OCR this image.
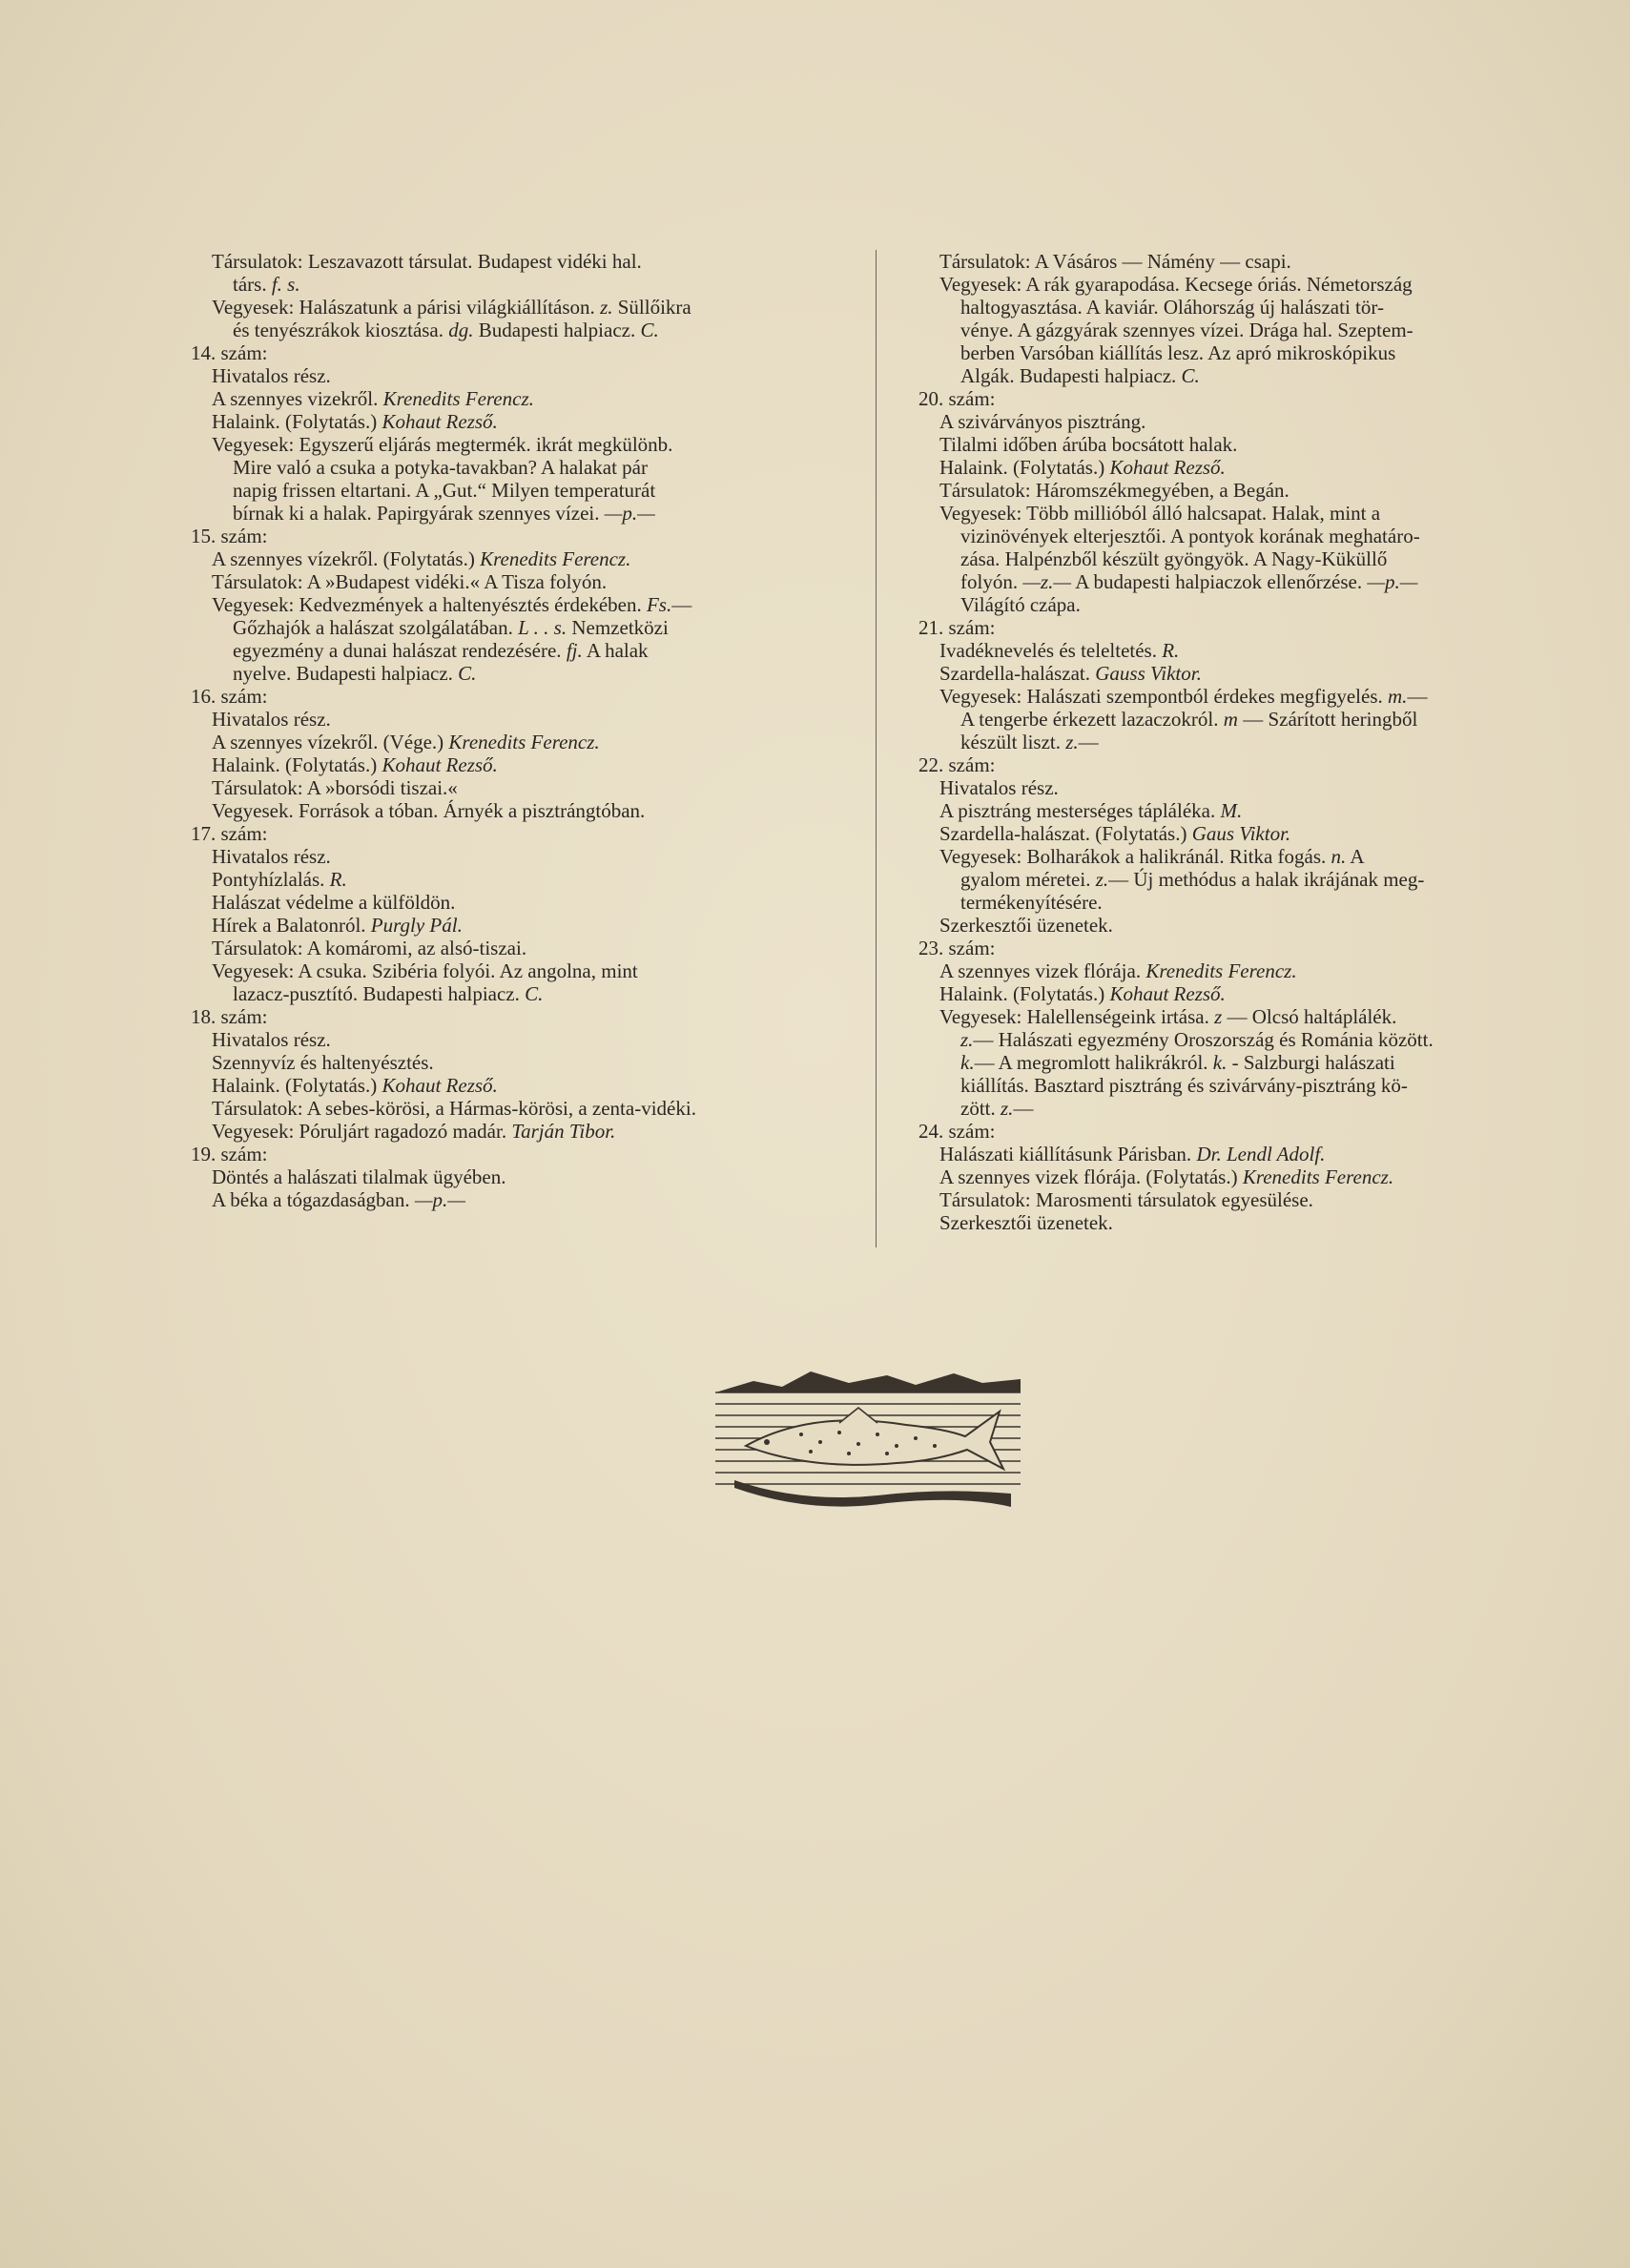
Társulatok: Leszavazott társulat. Budapest vidéki hal.
társ. f. s.
Vegyesek: Halászatunk a párisi világkiállításon. z. Süllőikra
és tenyészrákok kiosztása. dg. Budapesti halpiacz. C.
14. szám:
Hivatalos rész.
A szennyes vizekről. Krenedits Ferencz.
Halaink. (Folytatás.) Kohaut Rezső.
Vegyesek: Egyszerű eljárás megtermék. ikrát megkülönb.
Mire való a csuka a potyka-tavakban? A halakat pár
napig frissen eltartani. A „Gut.“ Milyen temperaturát
bírnak ki a halak. Papirgyárak szennyes vízei. —p.—
15. szám:
A szennyes vízekről. (Folytatás.) Krenedits Ferencz.
Társulatok: A »Budapest vidéki.« A Tisza folyón.
Vegyesek: Kedvezmények a haltenyésztés érdekében. Fs.—
Gőzhajók a halászat szolgálatában. L . . s. Nemzetközi
egyezmény a dunai halászat rendezésére. fj. A halak
nyelve. Budapesti halpiacz. C.
16. szám:
Hivatalos rész.
A szennyes vízekről. (Vége.) Krenedits Ferencz.
Halaink. (Folytatás.) Kohaut Rezső.
Társulatok: A »borsódi tiszai.«
Vegyesek. Források a tóban. Árnyék a pisztrángtóban.
17. szám:
Hivatalos rész.
Pontyhízlalás. R.
Halászat védelme a külföldön.
Hírek a Balatonról. Purgly Pál.
Társulatok: A komáromi, az alsó-tiszai.
Vegyesek: A csuka. Szibéria folyói. Az angolna, mint
lazacz-pusztító. Budapesti halpiacz. C.
18. szám:
Hivatalos rész.
Szennyvíz és haltenyésztés.
Halaink. (Folytatás.) Kohaut Rezső.
Társulatok: A sebes-körösi, a Hármas-körösi, a zenta-vidéki.
Vegyesek: Póruljárt ragadozó madár. Tarján Tibor.
19. szám:
Döntés a halászati tilalmak ügyében.
A béka a tógazdaságban. —p.—
Társulatok: A Vásáros — Námény — csapi.
Vegyesek: A rák gyarapodása. Kecsege óriás. Németország
haltogyasztása. A kaviár. Oláhország új halászati tör-
vénye. A gázgyárak szennyes vízei. Drága hal. Szeptem-
berben Varsóban kiállítás lesz. Az apró mikroskópikus
Algák. Budapesti halpiacz. C.
20. szám:
A szivárványos pisztráng.
Tilalmi időben árúba bocsátott halak.
Halaink. (Folytatás.) Kohaut Rezső.
Társulatok: Háromszékmegyében, a Begán.
Vegyesek: Több millióból álló halcsapat. Halak, mint a
vizinövények elterjesztői. A pontyok korának meghatáro-
zása. Halpénzből készült gyöngyök. A Nagy-Küküllő
folyón. —z.— A budapesti halpiaczok ellenőrzése. —p.—
Világító czápa.
21. szám:
Ivadéknevelés és teleltetés. R.
Szardella-halászat. Gauss Viktor.
Vegyesek: Halászati szempontból érdekes megfigyelés. m.—
A tengerbe érkezett lazaczokról. m — Szárított heringből
készült liszt. z.—
22. szám:
Hivatalos rész.
A pisztráng mesterséges tápláléka. M.
Szardella-halászat. (Folytatás.) Gaus Viktor.
Vegyesek: Bolharákok a halikránál. Ritka fogás. n. A
gyalom méretei. z.— Új methódus a halak ikrájának meg-
termékenyítésére.
Szerkesztői üzenetek.
23. szám:
A szennyes vizek flórája. Krenedits Ferencz.
Halaink. (Folytatás.) Kohaut Rezső.
Vegyesek: Halellenségeink irtása. z — Olcsó haltáplálék.
z.— Halászati egyezmény Oroszország és Románia között.
k.— A megromlott halikrákról. k. - Salzburgi halászati
kiállítás. Basztard pisztráng és szivárvány-pisztráng kö-
zött. z.—
24. szám:
Halászati kiállításunk Párisban. Dr. Lendl Adolf.
A szennyes vizek flórája. (Folytatás.) Krenedits Ferencz.
Társulatok: Marosmenti társulatok egyesülése.
Szerkesztői üzenetek.
